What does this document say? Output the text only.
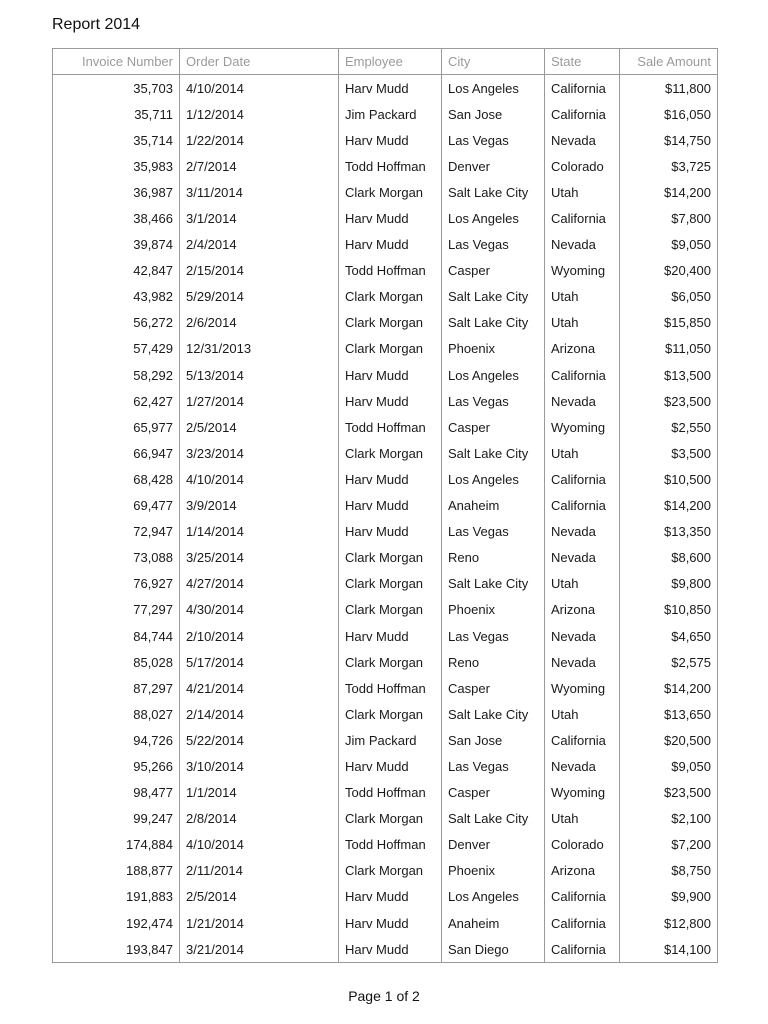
Report 2014
Invoice Number	Order Date	Employee	City	State	Sale Amount
35,703	4/10/2014	Harv Mudd	Los Angeles	California	$11,800
35,711	1/12/2014	Jim Packard	San Jose	California	$16,050
35,714	1/22/2014	Harv Mudd	Las Vegas	Nevada	$14,750
35,983	2/7/2014	Todd Hoffman	Denver	Colorado	$3,725
36,987	3/11/2014	Clark Morgan	Salt Lake City	Utah	$14,200
38,466	3/1/2014	Harv Mudd	Los Angeles	California	$7,800
39,874	2/4/2014	Harv Mudd	Las Vegas	Nevada	$9,050
42,847	2/15/2014	Todd Hoffman	Casper	Wyoming	$20,400
43,982	5/29/2014	Clark Morgan	Salt Lake City	Utah	$6,050
56,272	2/6/2014	Clark Morgan	Salt Lake City	Utah	$15,850
57,429	12/31/2013	Clark Morgan	Phoenix	Arizona	$11,050
58,292	5/13/2014	Harv Mudd	Los Angeles	California	$13,500
62,427	1/27/2014	Harv Mudd	Las Vegas	Nevada	$23,500
65,977	2/5/2014	Todd Hoffman	Casper	Wyoming	$2,550
66,947	3/23/2014	Clark Morgan	Salt Lake City	Utah	$3,500
68,428	4/10/2014	Harv Mudd	Los Angeles	California	$10,500
69,477	3/9/2014	Harv Mudd	Anaheim	California	$14,200
72,947	1/14/2014	Harv Mudd	Las Vegas	Nevada	$13,350
73,088	3/25/2014	Clark Morgan	Reno	Nevada	$8,600
76,927	4/27/2014	Clark Morgan	Salt Lake City	Utah	$9,800
77,297	4/30/2014	Clark Morgan	Phoenix	Arizona	$10,850
84,744	2/10/2014	Harv Mudd	Las Vegas	Nevada	$4,650
85,028	5/17/2014	Clark Morgan	Reno	Nevada	$2,575
87,297	4/21/2014	Todd Hoffman	Casper	Wyoming	$14,200
88,027	2/14/2014	Clark Morgan	Salt Lake City	Utah	$13,650
94,726	5/22/2014	Jim Packard	San Jose	California	$20,500
95,266	3/10/2014	Harv Mudd	Las Vegas	Nevada	$9,050
98,477	1/1/2014	Todd Hoffman	Casper	Wyoming	$23,500
99,247	2/8/2014	Clark Morgan	Salt Lake City	Utah	$2,100
174,884	4/10/2014	Todd Hoffman	Denver	Colorado	$7,200
188,877	2/11/2014	Clark Morgan	Phoenix	Arizona	$8,750
191,883	2/5/2014	Harv Mudd	Los Angeles	California	$9,900
192,474	1/21/2014	Harv Mudd	Anaheim	California	$12,800
193,847	3/21/2014	Harv Mudd	San Diego	California	$14,100
Page 1 of 2
